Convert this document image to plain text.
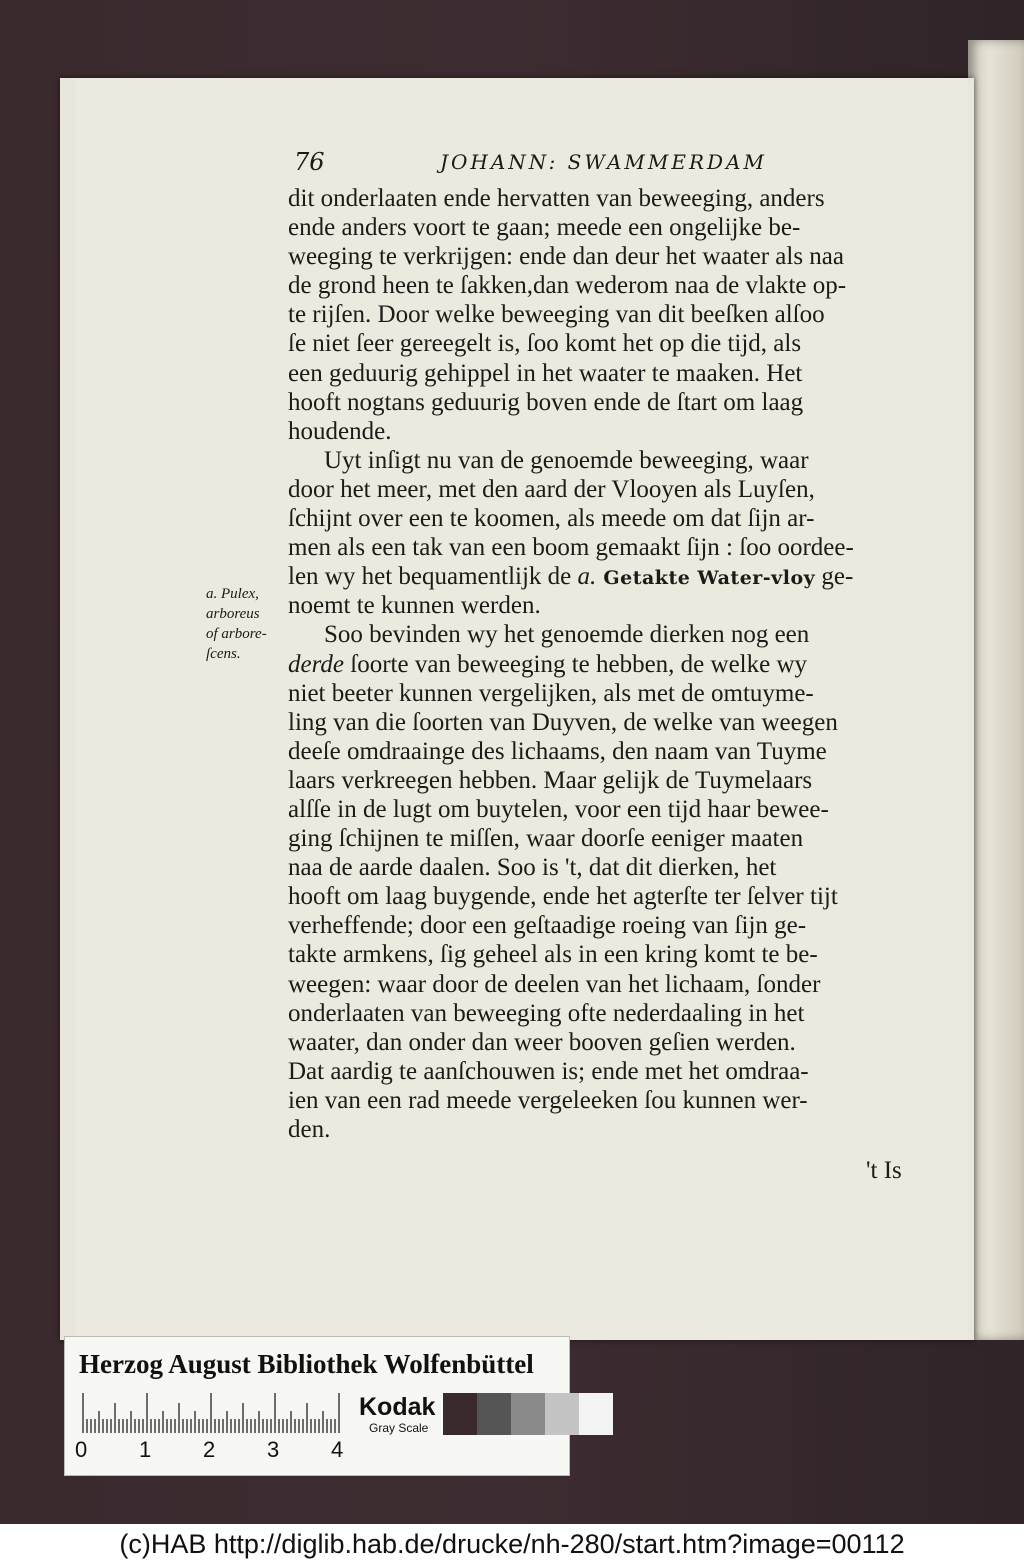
76	JOHANN: SWAMMERDAM
dit onderlaaten ende hervatten van beweeging, anders
ende anders voort te gaan; meede een ongelijke be-
weeging te verkrijgen: ende dan deur het waater als naa
de grond heen te ſakken,dan wederom naa de vlakte op-
te rijſen. Door welke beweeging van dit beeſken alſoo
ſe niet ſeer gereegelt is, ſoo komt het op die tijd, als
een geduurig gehippel in het waater te maaken. Het
hooft nogtans geduurig boven ende de ſtart om laag
houdende.
Uyt inſigt nu van de genoemde beweeging, waar
door het meer, met den aard der Vlooyen als Luyſen,
ſchijnt over een te koomen, als meede om dat ſijn ar-
men als een tak van een boom gemaakt ſijn : ſoo oordee-
len wy het bequamentlijk de a. Getakte Water-vloy ge-
noemt te kunnen werden.
Soo bevinden wy het genoemde dierken nog een
derde ſoorte van beweeging te hebben, de welke wy
niet beeter kunnen vergelijken, als met de omtuyme-
ling van die ſoorten van Duyven, de welke van weegen
deeſe omdraainge des lichaams, den naam van Tuyme
laars verkreegen hebben. Maar gelijk de Tuymelaars
alſſe in de lugt om buytelen, voor een tijd haar bewee-
ging ſchijnen te miſſen, waar doorſe eeniger maaten
naa de aarde daalen. Soo is 't, dat dit dierken, het
hooft om laag buygende, ende het agterſte ter ſelver tijt
verheffende; door een geſtaadige roeing van ſijn ge-
takte armkens, ſig geheel als in een kring komt te be-
weegen: waar door de deelen van het lichaam, ſonder
onderlaaten van beweeging ofte nederdaaling in het
waater, dan onder dan weer booven geſien werden.
Dat aardig te aanſchouwen is; ende met het omdraa-
ien van een rad meede vergeleeken ſou kunnen wer-
den.
a. Pulex,
arboreus
of arbore-
ſcens.
't Is
Herzog August Bibliothek Wolfenbüttel
0 1 2 3 4
Kodak
Gray Scale
(c)HAB http://diglib.hab.de/drucke/nh-280/start.htm?image=00112
